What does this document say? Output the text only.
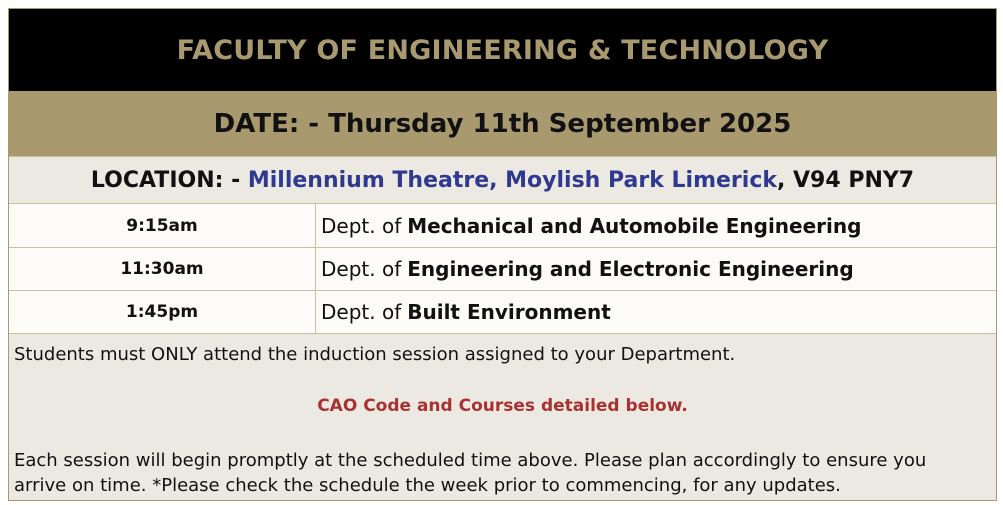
FACULTY OF ENGINEERING & TECHNOLOGY
DATE: - Thursday 11th September 2025
LOCATION: - Millennium Theatre, Moylish Park Limerick , V94 PNY7
9:15am	Dept. of Mechanical and Automobile Engineering
11:30am	Dept. of Engineering and Electronic Engineering
1:45pm	Dept. of Built Environment
Students must ONLY attend the induction session assigned to your Department.
CAO Code and Courses detailed below.
Each session will begin promptly at the scheduled time above. Please plan accordingly to ensure you arrive on time. *Please check the schedule the week prior to commencing, for any updates.
